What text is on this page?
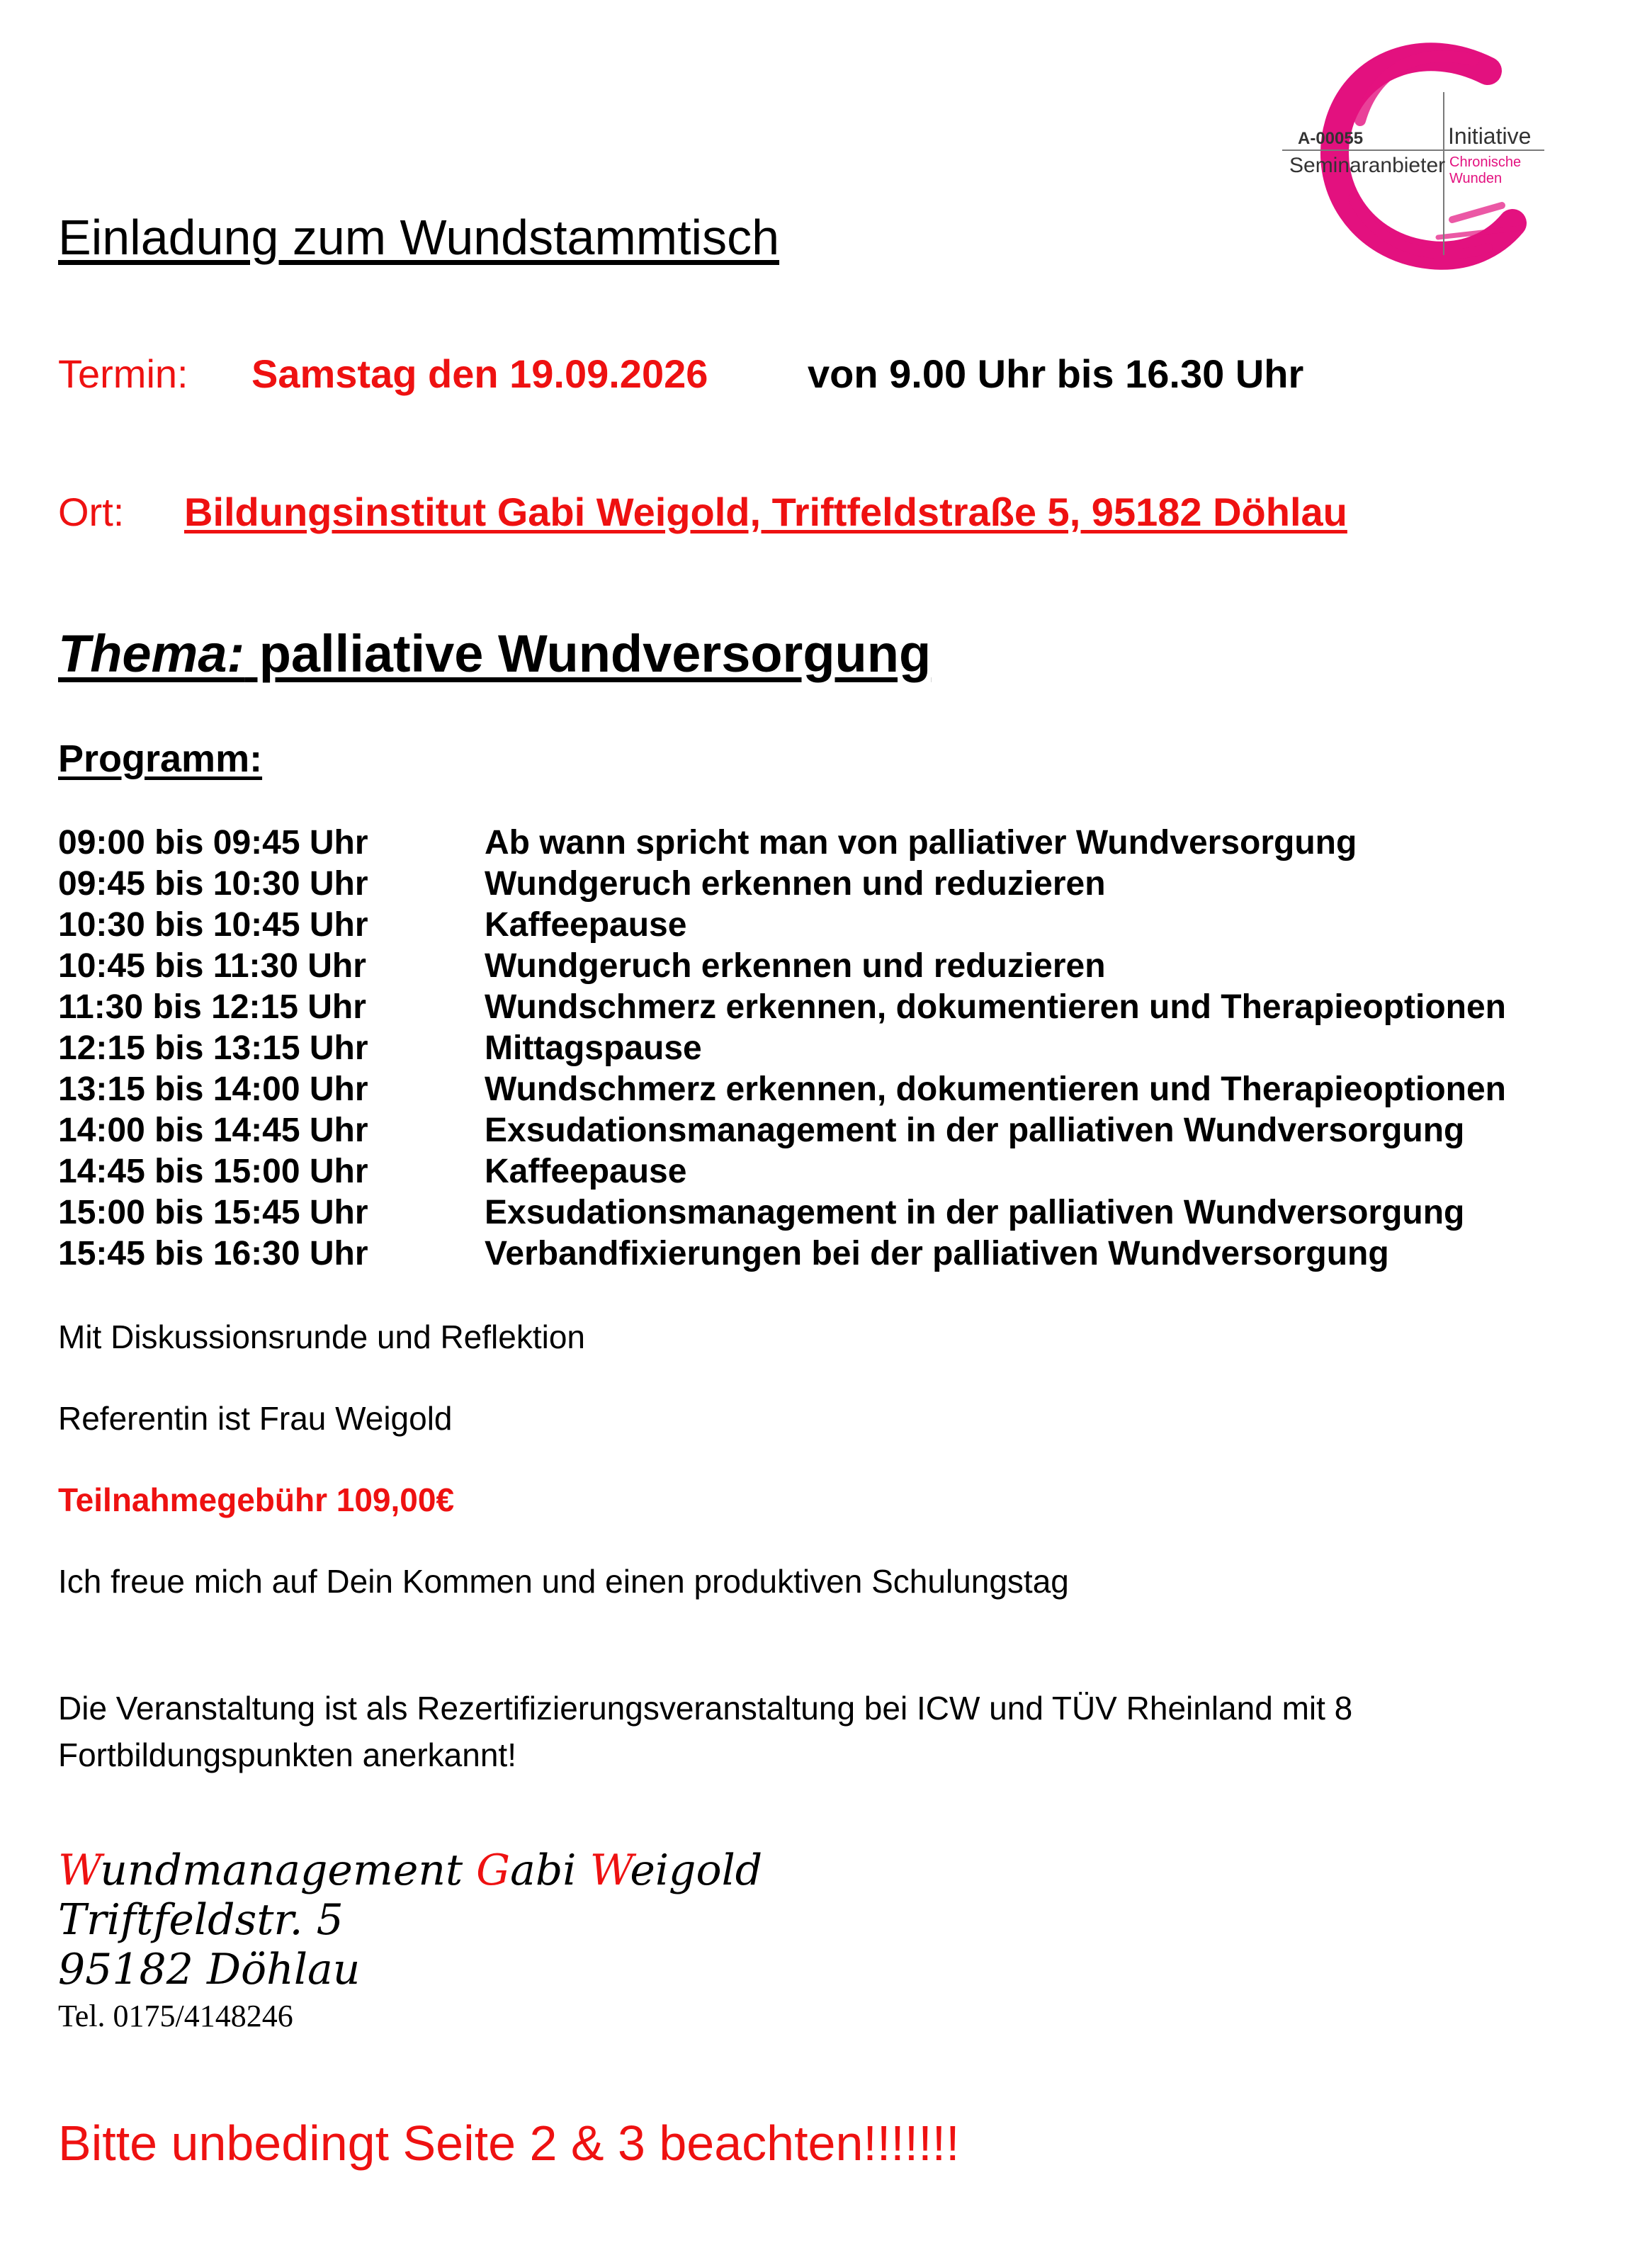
A-00055
Seminaranbieter
Initiative
Chronische
Wunden
Einladung zum Wundstammtisch
Termin: Samstag den 19.09.2026	von 9.00 Uhr bis 16.30 Uhr
Ort: Bildungsinstitut Gabi Weigold, Triftfeldstraße 5, 95182 Döhlau
Thema: palliative Wundversorgung
Programm:
09:00 bis 09:45 Uhr	Ab wann spricht man von palliativer Wundversorgung
09:45 bis 10:30 Uhr	Wundgeruch erkennen und reduzieren
10:30 bis 10:45 Uhr	Kaffeepause
10:45 bis 11:30 Uhr	Wundgeruch erkennen und reduzieren
11:30 bis 12:15 Uhr	Wundschmerz erkennen, dokumentieren und Therapieoptionen
12:15 bis 13:15 Uhr	Mittagspause
13:15 bis 14:00 Uhr	Wundschmerz erkennen, dokumentieren und Therapieoptionen
14:00 bis 14:45 Uhr	Exsudationsmanagement in der palliativen Wundversorgung
14:45 bis 15:00 Uhr	Kaffeepause
15:00 bis 15:45 Uhr	Exsudationsmanagement in der palliativen Wundversorgung
15:45 bis 16:30 Uhr	Verbandfixierungen bei der palliativen Wundversorgung
Mit Diskussionsrunde und Reflektion
Referentin ist Frau Weigold
Teilnahmegebühr 109,00€
Ich freue mich auf Dein Kommen und einen produktiven Schulungstag
Die Veranstaltung ist als Rezertifizierungsveranstaltung bei ICW und TÜV Rheinland mit 8
Fortbildungspunkten anerkannt!
Wundmanagement Gabi Weigold
Triftfeldstr. 5
95182 Döhlau
Tel. 0175/4148246
Bitte unbedingt Seite 2 & 3 beachten!!!!!!!
